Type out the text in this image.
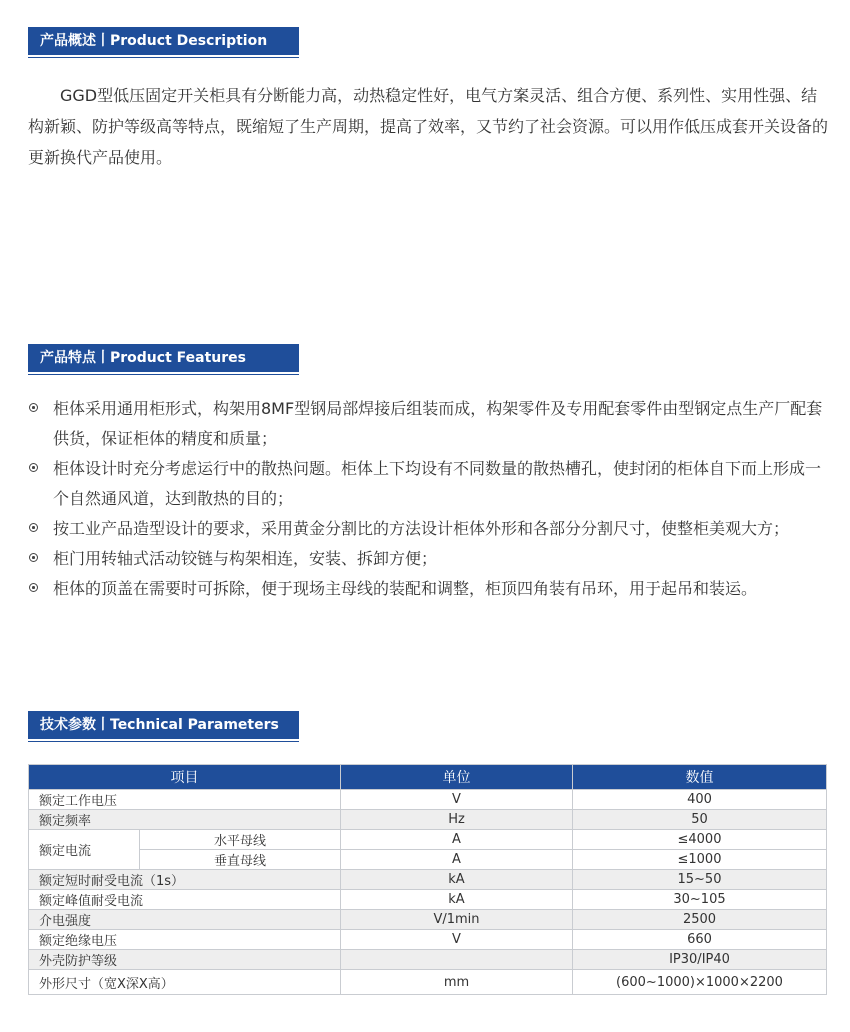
产品概述丨Product Description

  GGD型低压固定开关柜具有分断能力高，动热稳定性好，电气方案灵活、组合方便、系列性、实用性强、结构新颖、防护等级高等特点，既缩短了生产周期，提高了效率，又节约了社会资源。可以用作低压成套开关设备的更新换代产品使用。

产品特点丨Product Features
柜体采用通用柜形式，构架用8MF型钢局部焊接后组装而成，构架零件及专用配套零件由型钢定点生产厂配套供货，保证柜体的精度和质量；
柜体设计时充分考虑运行中的散热问题。柜体上下均设有不同数量的散热槽孔，使封闭的柜体自下而上形成一个自然通风道，达到散热的目的；
按工业产品造型设计的要求，采用黄金分割比的方法设计柜体外形和各部分分割尺寸，使整柜美观大方；
柜门用转轴式活动铰链与构架相连，安装、拆卸方便；
柜体的顶盖在需要时可拆除，便于现场主母线的装配和调整，柜顶四角装有吊环，用于起吊和装运。
技术参数丨Technical Parameters
项目		单位	数值
额定工作电压		V	400
额定频率		Hz	50
额定电流	水平母线	A	≤4000
	垂直母线	A	≤1000
额定短时耐受电流（1s）		kA	15~50
额定峰值耐受电流		kA	30~105
介电强度		V/1min	2500
额定绝缘电压		V	660
外壳防护等级			IP30/IP40
外形尺寸（宽X深X高）		mm	(600~1000)×1000×2200
